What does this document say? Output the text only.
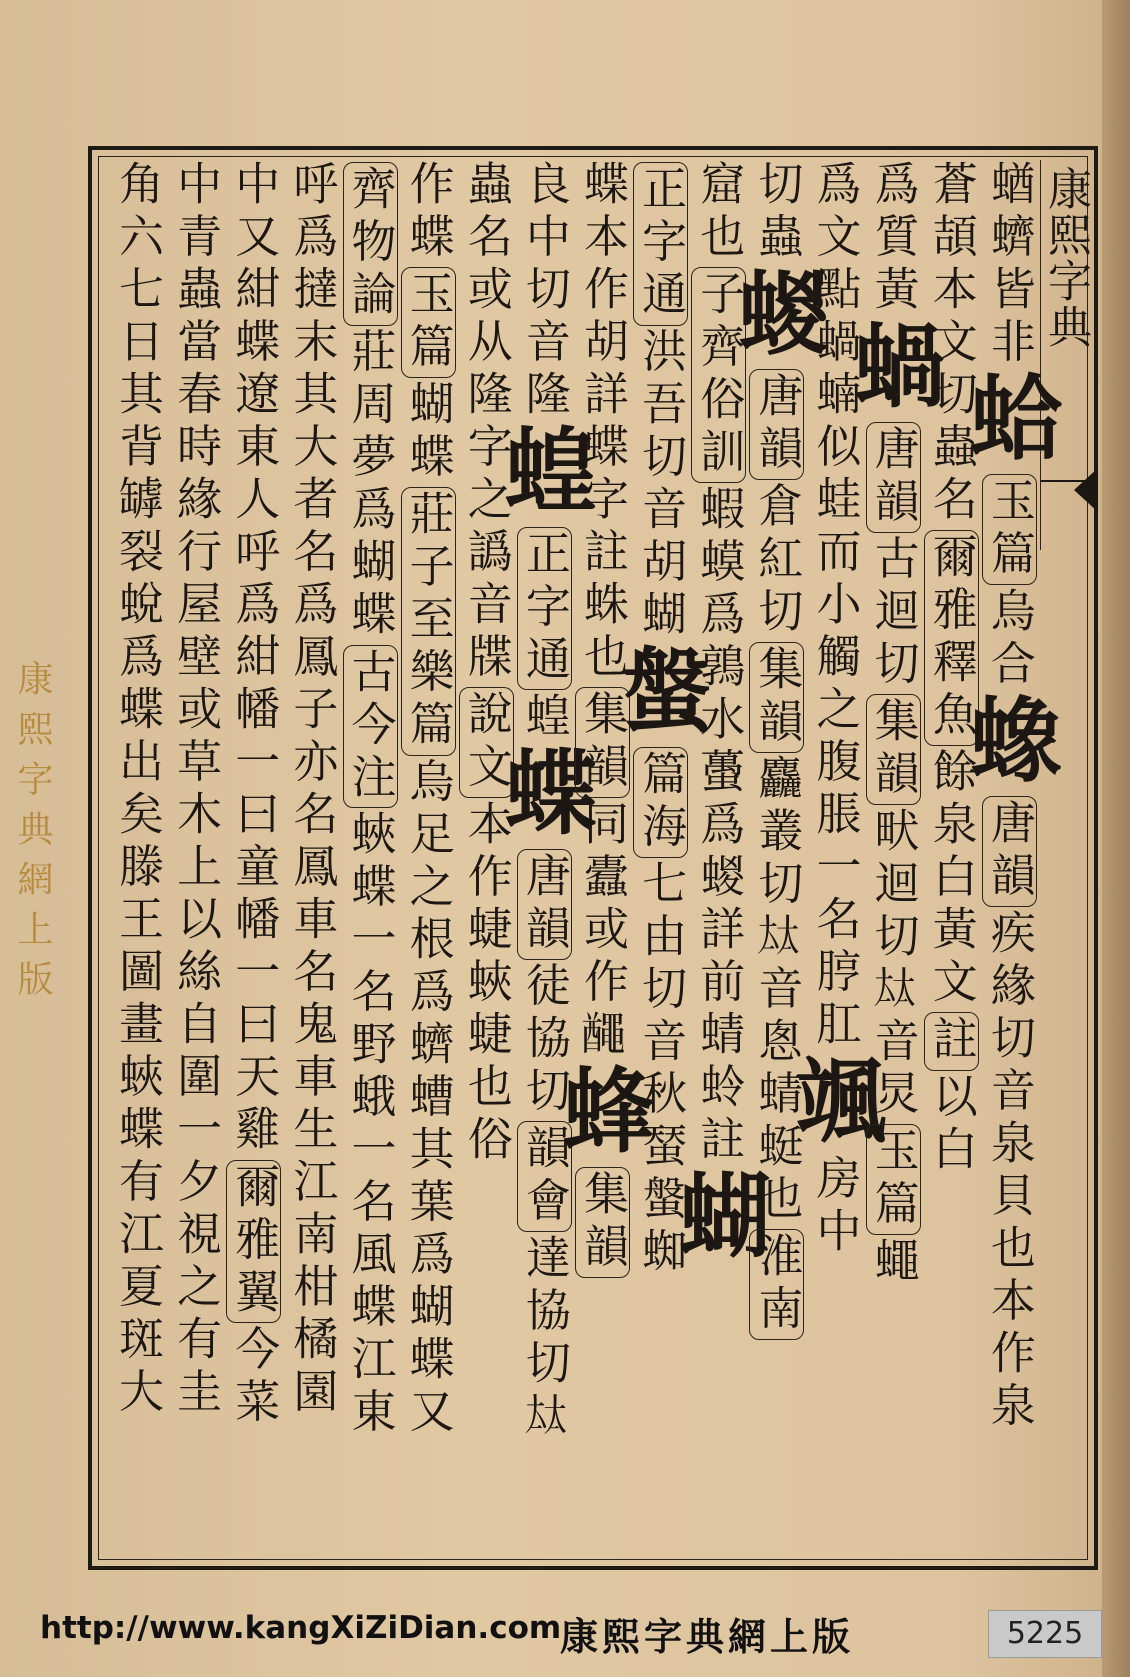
康熙字典
康熙字典網上版
蝤蠐皆非蛤玉篇烏合蟓唐韻疾緣切音泉貝也本作泉
蒼頡本文切蟲名爾雅釋魚餘泉白黃文註以白
爲質黃蝸唐韻古迴切集韻畎迴切𡘋音炅玉篇蠅
爲文點蝸蝻似蛙而小觸之腹脹一名脝肛颯房中
切蟲蝬唐韻倉紅切集韻麤叢切𡘋音悤蜻蜓也淮南
窟也子齊俗訓蝦蟆爲鶉水蠆爲蝬詳前蜻蛉註蝴
正字通洪吾切音胡蝴螌篇海七由切音秋蝅螌蜘
蝶本作胡詳蝶字註蛛也集韻同蠹或作𪓰蜂集韻
良中切音隆蝗正字通蝗蝶唐韻徒協切韻會達協切𡘋
蟲名或从隆字之譌音牒說文本作蜨蛺蜨也俗
作蝶玉篇蝴蝶莊子至樂篇烏足之根爲蠐螬其葉爲蝴蝶又
齊物論莊周夢爲蝴蝶古今注蛺蝶一名野蛾一名風蝶江東
呼爲撻末其大者名爲鳳子亦名鳳車名鬼車生江南柑橘園
中又紺蝶遼東人呼爲紺幡一曰童幡一曰天雞爾雅翼今菜
中青蟲當春時緣行屋壁或草木上以絲自圍一夕視之有圭
角六七日其背罅裂蛻爲蝶出矣滕王圖畫蛺蝶有江夏斑大
http://www.kangXiZiDian.com
康熙字典網上版	5225
